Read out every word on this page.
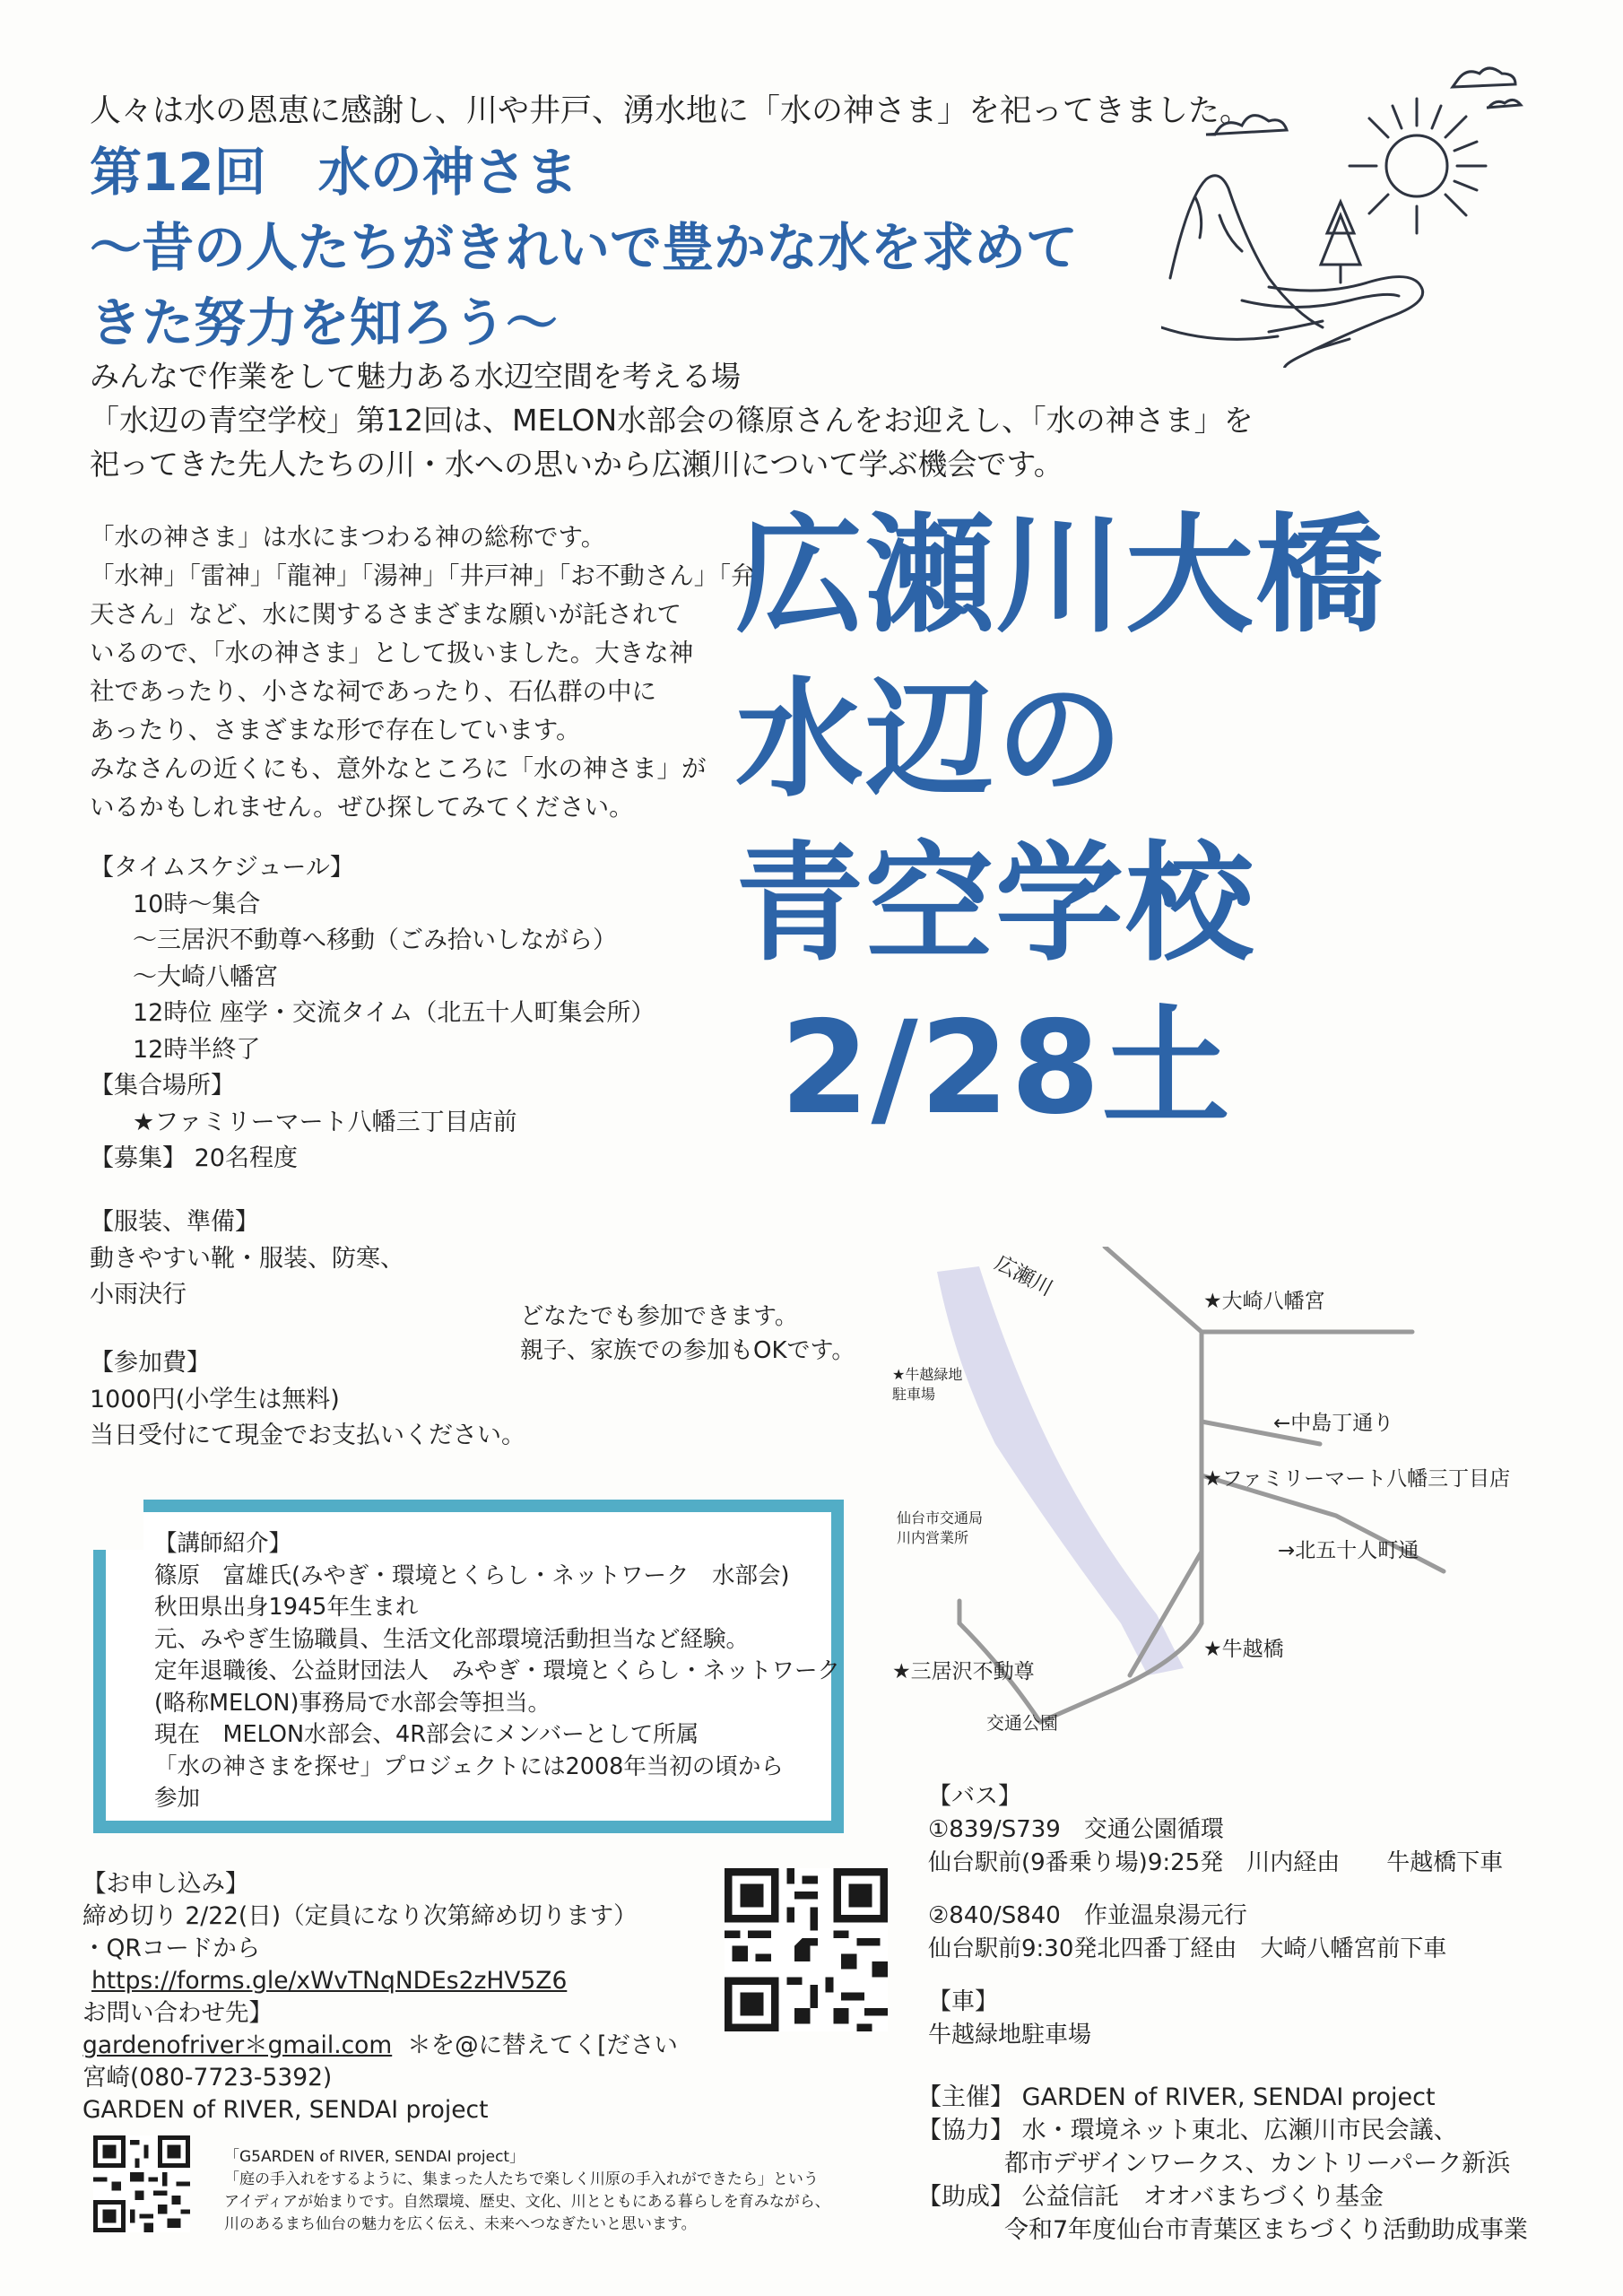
人々は水の恩恵に感謝し、川や井戸、湧水地に「水の神さま」を祀ってきました。
第12回　水の神さま
～昔の人たちがきれいで豊かな水を求めて
きた努力を知ろう～
みんなで作業をして魅力ある水辺空間を考える場
「水辺の青空学校」第12回は、MELON水部会の篠原さんをお迎えし、「水の神さま」を
祀ってきた先人たちの川・水への思いから広瀬川について学ぶ機会です。
「水の神さま」は水にまつわる神の総称です。
「水神」「雷神」「龍神」「湯神」「井戸神」「お不動さん」「弁
天さん」など、水に関するさまざまな願いが託されて
いるので、「水の神さま」として扱いました。大きな神
社であったり、小さな祠であったり、石仏群の中に
あったり、さまざまな形で存在しています。
みなさんの近くにも、意外なところに「水の神さま」が
いるかもしれません。ぜひ探してみてください。
広瀬川大橋
水辺の
青空学校
2/28土
【タイムスケジュール】
10時～集合
～三居沢不動尊へ移動（ごみ拾いしながら）
～大崎八幡宮
12時位 座学・交流タイム（北五十人町集会所）
12時半終了
【集合場所】
★ファミリーマート八幡三丁目店前
【募集】 20名程度
【服装、準備】
動きやすい靴・服装、防寒、
小雨決行
どなたでも参加できます。
親子、家族での参加もOKです。
【参加費】
1000円(小学生は無料)
当日受付にて現金でお支払いください。
【講師紹介】
篠原　富雄氏(みやぎ・環境とくらし・ネットワーク　水部会)
秋田県出身1945年生まれ
元、みやぎ生協職員、生活文化部環境活動担当など経験。
定年退職後、公益財団法人　みやぎ・環境とくらし・ネットワーク
(略称MELON)事務局で水部会等担当。
現在　MELON水部会、4R部会にメンバーとして所属
「水の神さまを探せ」プロジェクトには2008年当初の頃から
参加
広瀬川
★大崎八幡宮
★牛越緑地
駐車場
←中島丁通り
★ファミリーマート八幡三丁目店
仙台市交通局
川内営業所
→北五十人町通
★牛越橋
★三居沢不動尊
交通公園
【バス】
①839/S739　交通公園循環
仙台駅前(9番乗り場)9:25発　川内経由　　牛越橋下車
②840/S840　作並温泉湯元行
仙台駅前9:30発北四番丁経由　大崎八幡宮前下車
【車】
牛越緑地駐車場
【お申し込み】
締め切り 2/22(日)（定員になり次第締め切ります）
・QRコードから
https://forms.gle/xWvTNqNDEs2zHV5Z6
お問い合わせ先】
gardenofriver＊gmail.com ＊を@に替えてく[ださい
宮崎(080-7723-5392)
GARDEN of RIVER, SENDAI project
「G5ARDEN of RIVER, SENDAI project」
「庭の手入れをするように、集まった人たちで楽しく川原の手入れができたら」という
アイディアが始まりです。自然環境、歴史、文化、川とともにある暮らしを育みながら、
川のあるまち仙台の魅力を広く伝え、未来へつなぎたいと思います。
【主催】 GARDEN of RIVER, SENDAI project
【協力】 水・環境ネット東北、広瀬川市民会議、
都市デザインワークス、カントリーパーク新浜
【助成】 公益信託　オオバまちづくり基金
令和7年度仙台市青葉区まちづくり活動助成事業
